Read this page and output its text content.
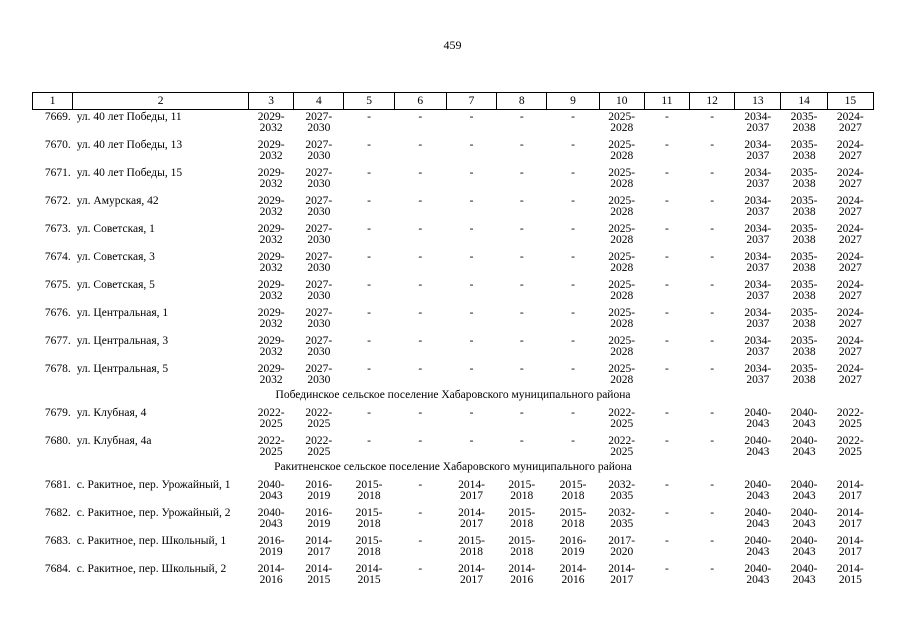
459
1	2	3	4	5	6	7	8	9	10	11	12	13	14	15
7669.	ул. 40 лет Победы, 11	2029-
2032	2027-
2030	-	-	-	-	-	2025-
2028	-	-	2034-
2037	2035-
2038	2024-
2027
7670.	ул. 40 лет Победы, 13	2029-
2032	2027-
2030	-	-	-	-	-	2025-
2028	-	-	2034-
2037	2035-
2038	2024-
2027
7671.	ул. 40 лет Победы, 15	2029-
2032	2027-
2030	-	-	-	-	-	2025-
2028	-	-	2034-
2037	2035-
2038	2024-
2027
7672.	ул. Амурская, 42	2029-
2032	2027-
2030	-	-	-	-	-	2025-
2028	-	-	2034-
2037	2035-
2038	2024-
2027
7673.	ул. Советская, 1	2029-
2032	2027-
2030	-	-	-	-	-	2025-
2028	-	-	2034-
2037	2035-
2038	2024-
2027
7674.	ул. Советская, 3	2029-
2032	2027-
2030	-	-	-	-	-	2025-
2028	-	-	2034-
2037	2035-
2038	2024-
2027
7675.	ул. Советская, 5	2029-
2032	2027-
2030	-	-	-	-	-	2025-
2028	-	-	2034-
2037	2035-
2038	2024-
2027
7676.	ул. Центральная, 1	2029-
2032	2027-
2030	-	-	-	-	-	2025-
2028	-	-	2034-
2037	2035-
2038	2024-
2027
7677.	ул. Центральная, 3	2029-
2032	2027-
2030	-	-	-	-	-	2025-
2028	-	-	2034-
2037	2035-
2038	2024-
2027
7678.	ул. Центральная, 5	2029-
2032	2027-
2030	-	-	-	-	-	2025-
2028	-	-	2034-
2037	2035-
2038	2024-
2027
Побединское сельское поселение Хабаровского муниципального района														
7679.	ул. Клубная, 4	2022-
2025	2022-
2025	-	-	-	-	-	2022-
2025	-	-	2040-
2043	2040-
2043	2022-
2025
7680.	ул. Клубная, 4а	2022-
2025	2022-
2025	-	-	-	-	-	2022-
2025	-	-	2040-
2043	2040-
2043	2022-
2025
Ракитненское сельское поселение Хабаровского муниципального района														
7681.	с. Ракитное, пер. Урожайный, 1	2040-
2043	2016-
2019	2015-
2018	-	2014-
2017	2015-
2018	2015-
2018	2032-
2035	-	-	2040-
2043	2040-
2043	2014-
2017
7682.	с. Ракитное, пер. Урожайный, 2	2040-
2043	2016-
2019	2015-
2018	-	2014-
2017	2015-
2018	2015-
2018	2032-
2035	-	-	2040-
2043	2040-
2043	2014-
2017
7683.	с. Ракитное, пер. Школьный, 1	2016-
2019	2014-
2017	2015-
2018	-	2015-
2018	2015-
2018	2016-
2019	2017-
2020	-	-	2040-
2043	2040-
2043	2014-
2017
7684.	с. Ракитное, пер. Школьный, 2	2014-
2016	2014-
2015	2014-
2015	-	2014-
2017	2014-
2016	2014-
2016	2014-
2017	-	-	2040-
2043	2040-
2043	2014-
2015
